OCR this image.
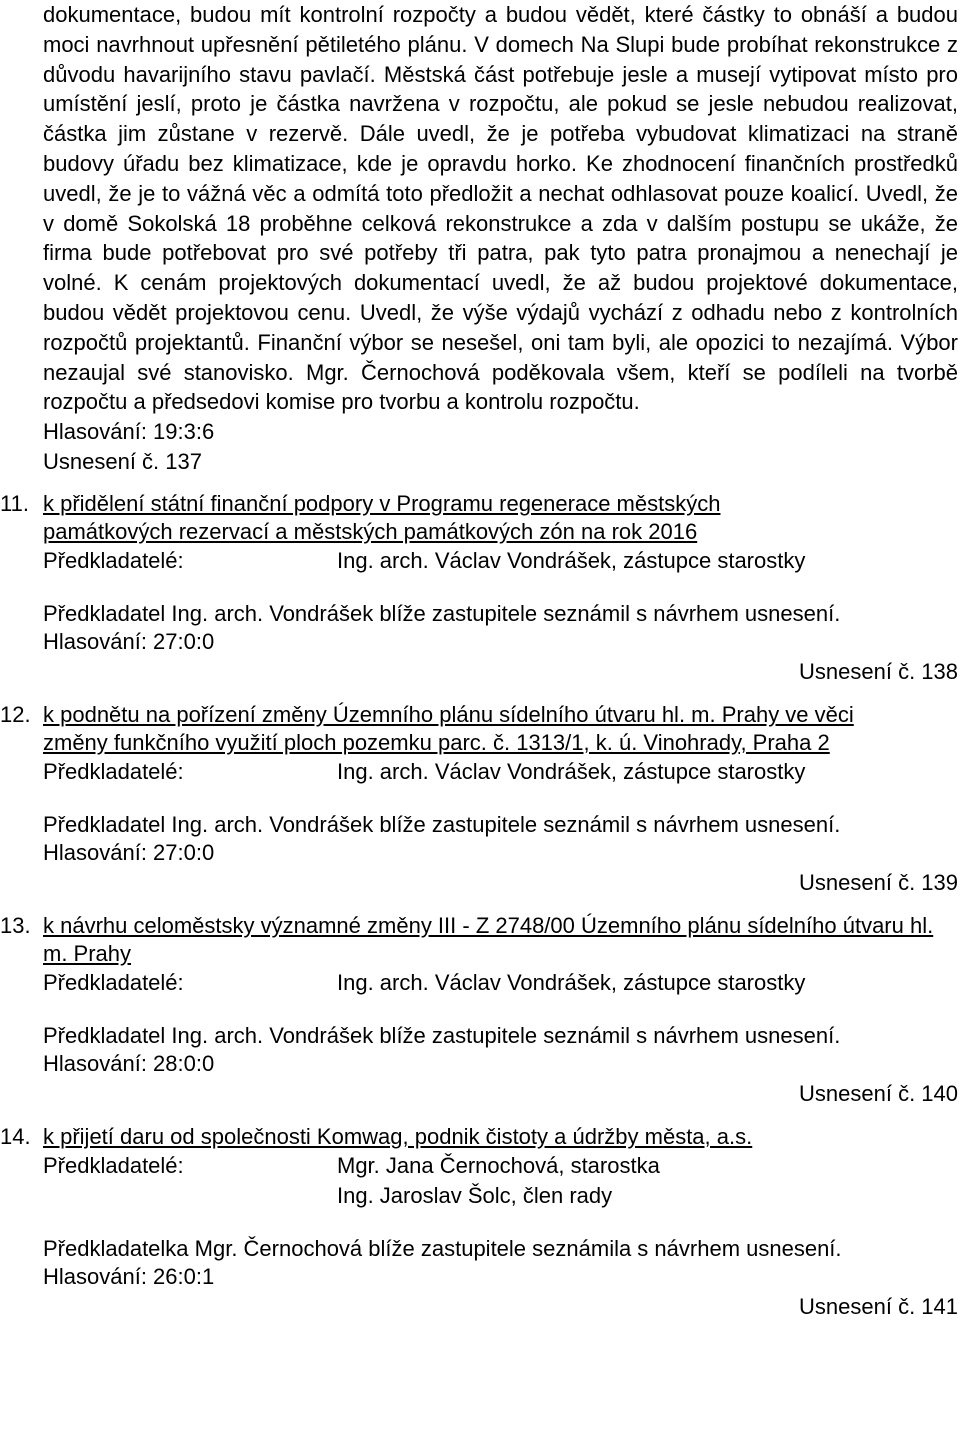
dokumentace, budou mít kontrolní rozpočty a budou vědět, které částky to obnáší a budou moci navrhnout upřesnění pětiletého plánu. V domech Na Slupi bude probíhat rekonstrukce z důvodu havarijního stavu pavlačí. Městská část potřebuje jesle a musejí vytipovat místo pro umístění jeslí, proto je částka navržena v rozpočtu, ale pokud se jesle nebudou realizovat, částka jim zůstane v rezervě. Dále uvedl, že je potřeba vybudovat klimatizaci na straně budovy úřadu bez klimatizace, kde je opravdu horko. Ke zhodnocení finančních prostředků uvedl, že je to vážná věc a odmítá toto předložit a nechat odhlasovat pouze koalicí. Uvedl, že v domě Sokolská 18 proběhne celková rekonstrukce a zda v dalším postupu se ukáže, že firma bude potřebovat pro své potřeby tři patra, pak tyto patra pronajmou a nenechají je volné. K cenám projektových dokumentací uvedl, že až budou projektové dokumentace, budou vědět projektovou cenu. Uvedl, že výše výdajů vychází z odhadu nebo z kontrolních rozpočtů projektantů. Finanční výbor se nesešel, oni tam byli, ale opozici to nezajímá. Výbor nezaujal své stanovisko. Mgr. Černochová poděkovala všem, kteří se podíleli na tvorbě rozpočtu a předsedovi komise pro tvorbu a kontrolu rozpočtu.

Hlasování: 19:3:6

Usnesení č. 137

11. k přidělení státní finanční podpory v Programu regenerace městských památkových rezervací a městských památkových zón na rok 2016

Předkladatelé:	Ing. arch. Václav Vondrášek, zástupce starostky

Předkladatel Ing. arch. Vondrášek blíže zastupitele seznámil s návrhem usnesení.

Hlasování: 27:0:0

Usnesení č. 138

12. k podnětu na pořízení změny Územního plánu sídelního útvaru hl. m. Prahy ve věci změny funkčního využití ploch pozemku parc. č. 1313/1, k. ú. Vinohrady, Praha 2

Předkladatelé:	Ing. arch. Václav Vondrášek, zástupce starostky

Předkladatel Ing. arch. Vondrášek blíže zastupitele seznámil s návrhem usnesení.

Hlasování: 27:0:0

Usnesení č. 139

13. k návrhu celoměstsky významné změny III - Z 2748/00 Územního plánu sídelního útvaru hl. m. Prahy

Předkladatelé:	Ing. arch. Václav Vondrášek, zástupce starostky

Předkladatel Ing. arch. Vondrášek blíže zastupitele seznámil s návrhem usnesení.

Hlasování: 28:0:0

Usnesení č. 140

14. k přijetí daru od společnosti Komwag, podnik čistoty a údržby města, a.s.

Předkladatelé:	Mgr. Jana Černochová, starostka
Ing. Jaroslav Šolc, člen rady

Předkladatelka Mgr. Černochová blíže zastupitele seznámila s návrhem usnesení.

Hlasování: 26:0:1

Usnesení č. 141
